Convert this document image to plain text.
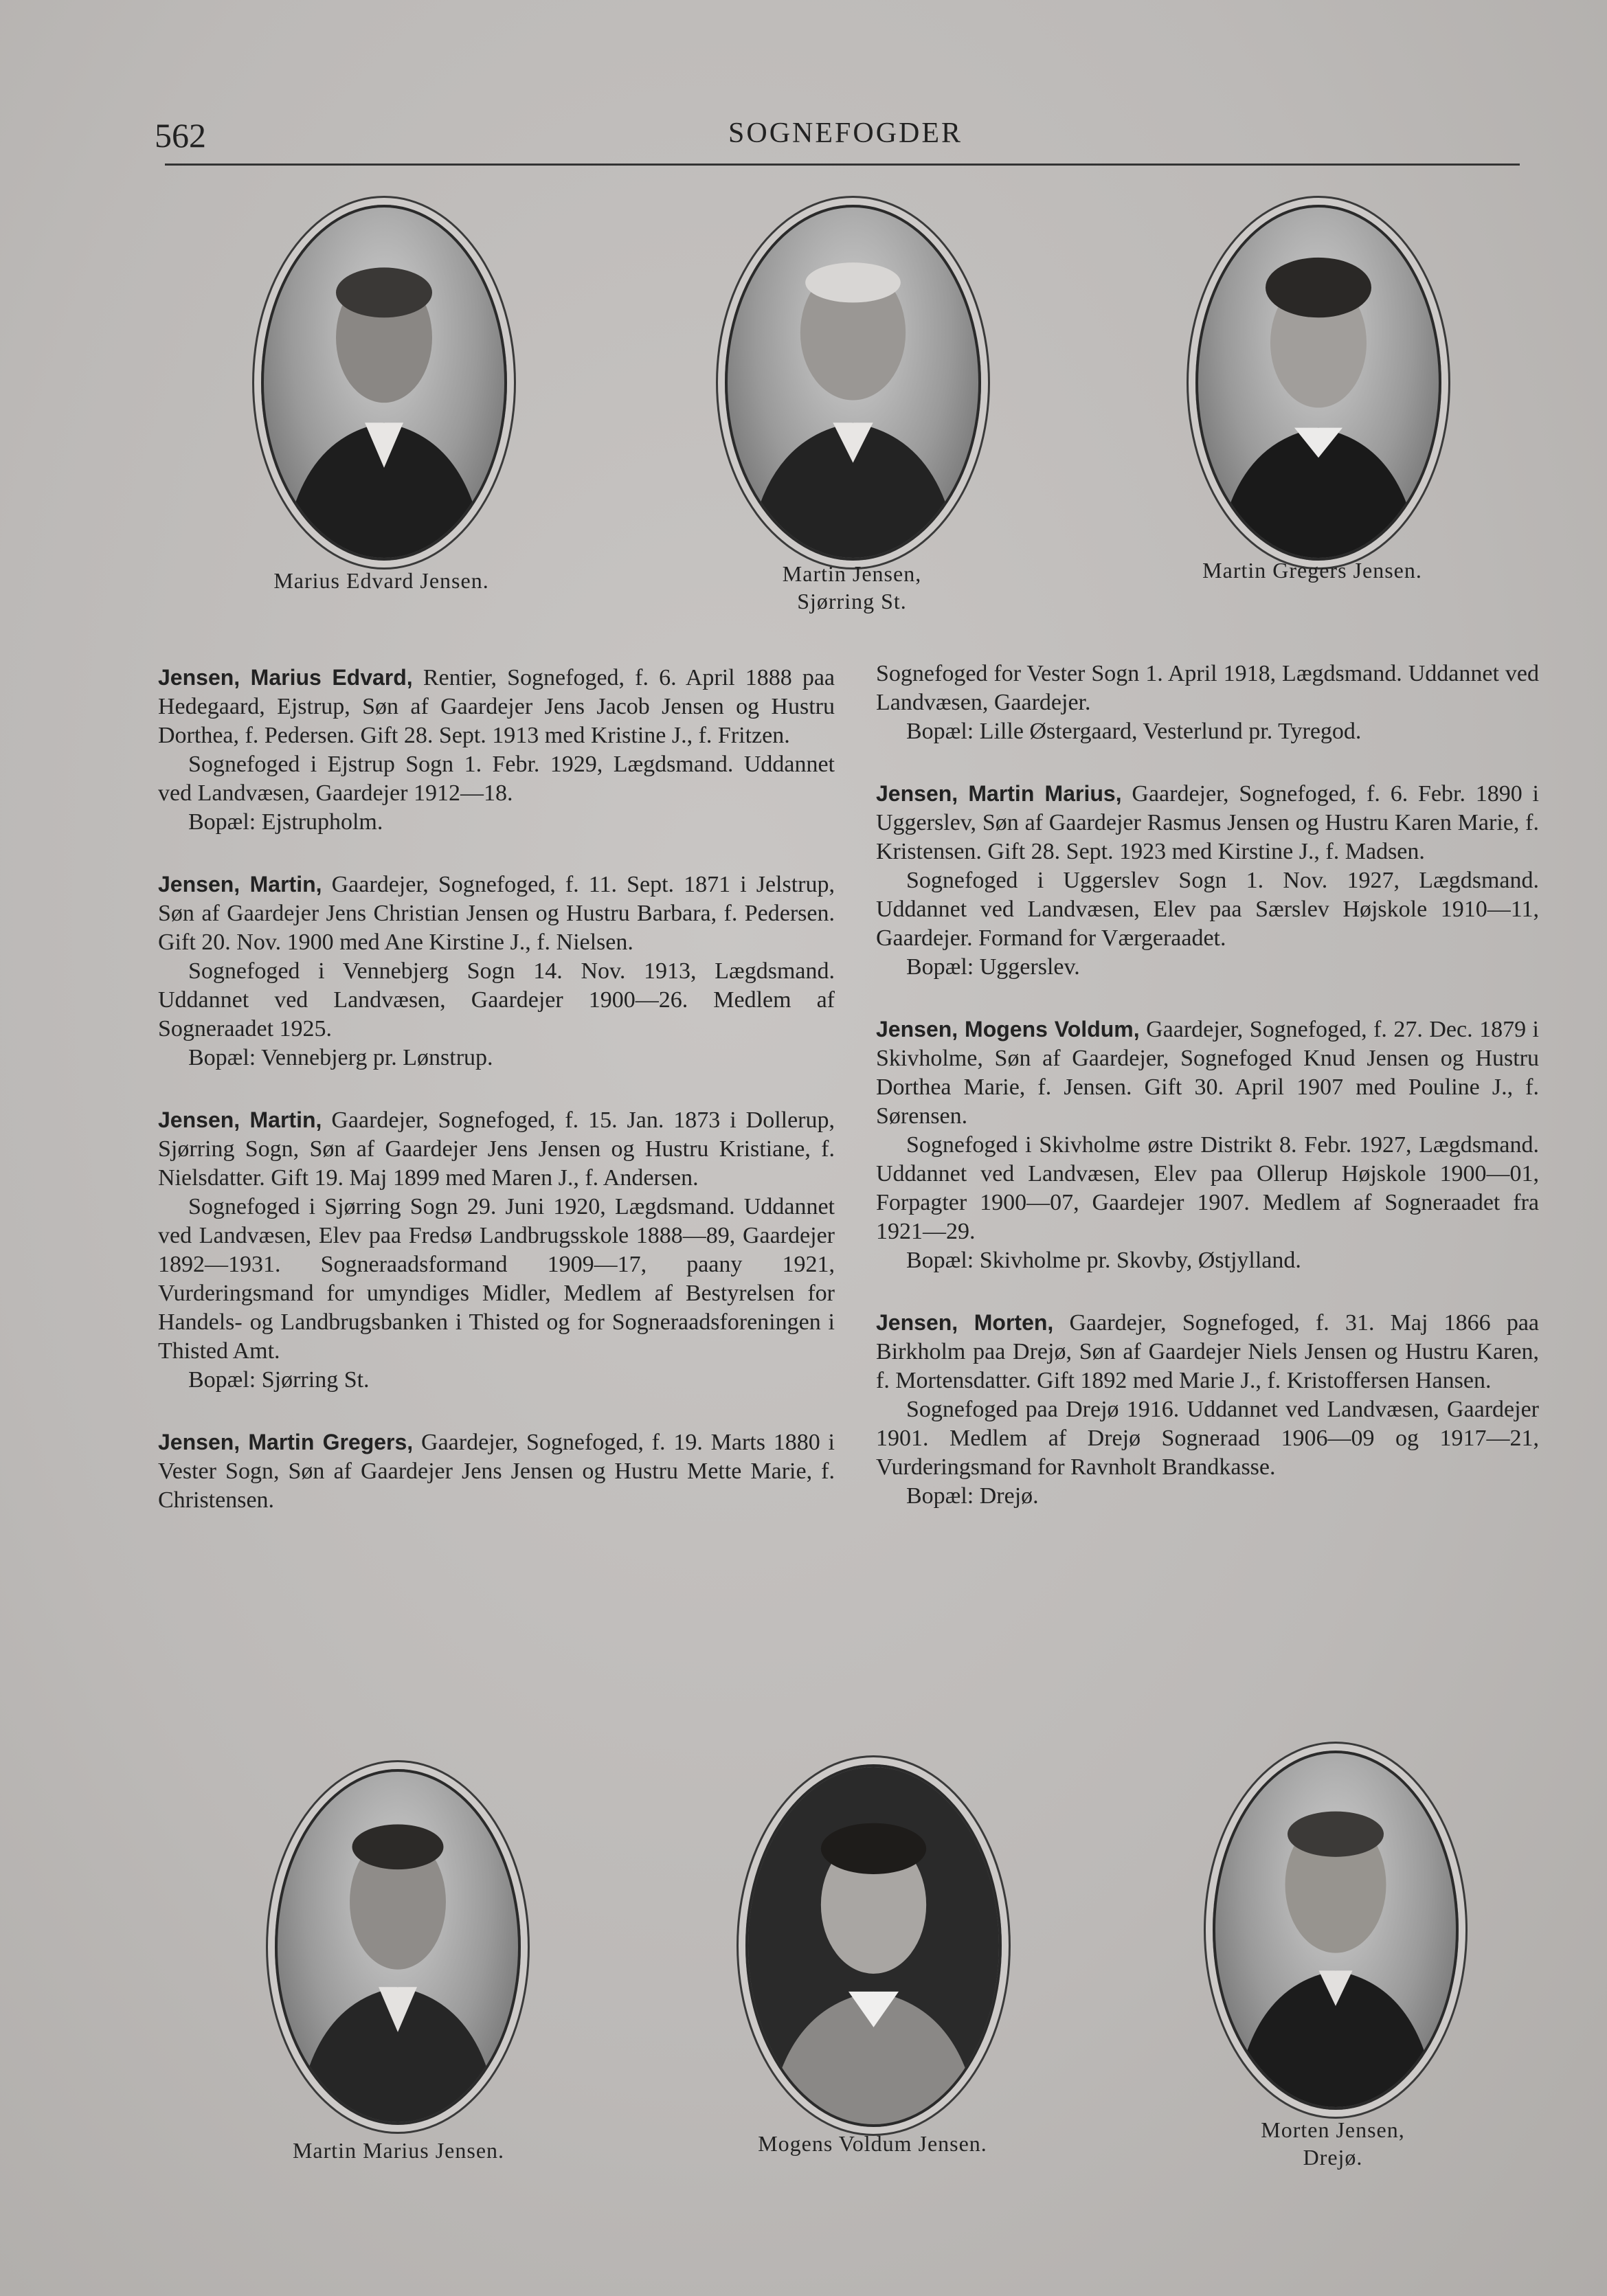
562	SOGNEFOGDER
Marius Edvard Jensen.	Martin Jensen,
Sjørring St.
Martin Gregers Jensen.

Jensen, Marius Edvard, Rentier, Sognefoged, f. 6. April 1888 paa Hedegaard, Ejstrup, Søn af Gaardejer Jens Jacob Jensen og Hustru Dorthea, f. Pedersen. Gift 28. Sept. 1913 med Kristine J., f. Fritzen.

Sognefoged i Ejstrup Sogn 1. Febr. 1929, Lægdsmand. Uddannet ved Landvæsen, Gaardejer 1912—18.

Bopæl: Ejstrupholm.

Jensen, Martin, Gaardejer, Sognefoged, f. 11. Sept. 1871 i Jelstrup, Søn af Gaardejer Jens Christian Jensen og Hustru Barbara, f. Pedersen. Gift 20. Nov. 1900 med Ane Kirstine J., f. Nielsen.

Sognefoged i Vennebjerg Sogn 14. Nov. 1913, Lægdsmand. Uddannet ved Landvæsen, Gaardejer 1900—26. Medlem af Sogneraadet 1925.

Bopæl: Vennebjerg pr. Lønstrup.

Jensen, Martin, Gaardejer, Sognefoged, f. 15. Jan. 1873 i Dollerup, Sjørring Sogn, Søn af Gaardejer Jens Jensen og Hustru Kristiane, f. Nielsdatter. Gift 19. Maj 1899 med Maren J., f. Andersen.

Sognefoged i Sjørring Sogn 29. Juni 1920, Lægdsmand. Uddannet ved Landvæsen, Elev paa Fredsø Landbrugsskole 1888—89, Gaardejer 1892—1931. Sogneraadsformand 1909—17, paany 1921, Vurderingsmand for umyndiges Midler, Medlem af Bestyrelsen for Handels- og Landbrugsbanken i Thisted og for Sogneraadsforeningen i Thisted Amt.

Bopæl: Sjørring St.

Jensen, Martin Gregers, Gaardejer, Sognefoged, f. 19. Marts 1880 i Vester Sogn, Søn af Gaardejer Jens Jensen og Hustru Mette Marie, f. Christensen.

Sognefoged for Vester Sogn 1. April 1918, Lægdsmand. Uddannet ved Landvæsen, Gaardejer.

Bopæl: Lille Østergaard, Vesterlund pr. Tyregod.

Jensen, Martin Marius, Gaardejer, Sognefoged, f. 6. Febr. 1890 i Uggerslev, Søn af Gaardejer Rasmus Jensen og Hustru Karen Marie, f. Kristensen. Gift 28. Sept. 1923 med Kirstine J., f. Madsen.

Sognefoged i Uggerslev Sogn 1. Nov. 1927, Lægdsmand. Uddannet ved Landvæsen, Elev paa Særslev Højskole 1910—11, Gaardejer. Formand for Værgeraadet.

Bopæl: Uggerslev.

Jensen, Mogens Voldum, Gaardejer, Sognefoged, f. 27. Dec. 1879 i Skivholme, Søn af Gaardejer, Sognefoged Knud Jensen og Hustru Dorthea Marie, f. Jensen. Gift 30. April 1907 med Pouline J., f. Sørensen.

Sognefoged i Skivholme østre Distrikt 8. Febr. 1927, Lægdsmand. Uddannet ved Landvæsen, Elev paa Ollerup Højskole 1900—01, Forpagter 1900—07, Gaardejer 1907. Medlem af Sogneraadet fra 1921—29.

Bopæl: Skivholme pr. Skovby, Østjylland.

Jensen, Morten, Gaardejer, Sognefoged, f. 31. Maj 1866 paa Birkholm paa Drejø, Søn af Gaardejer Niels Jensen og Hustru Karen, f. Mortensdatter. Gift 1892 med Marie J., f. Kristoffersen Hansen.

Sognefoged paa Drejø 1916. Uddannet ved Landvæsen, Gaardejer 1901. Medlem af Drejø Sogneraad 1906—09 og 1917—21, Vurderingsmand for Ravnholt Brandkasse.

Bopæl: Drejø.

Martin Marius Jensen.	Mogens Voldum Jensen.
Morten Jensen,
Drejø.
